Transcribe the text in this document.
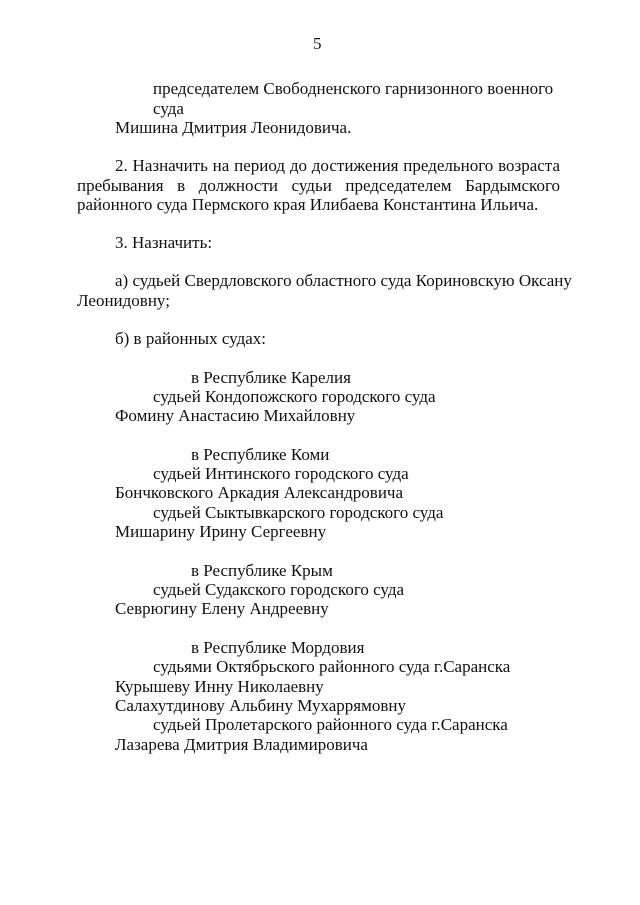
5
председателем Свободненского гарнизонного военного
суда
Мишина Дмитрия Леонидовича.
2. Назначить на период до достижения предельного возраста
пребывания в должности судьи председателем Бардымского
районного суда Пермского края Илибаева Константина Ильича.
3. Назначить:
а) судьей Свердловского областного суда Кориновскую Оксану
Леонидовну;
б) в районных судах:
в Республике Карелия
судьей Кондопожского городского суда
Фомину Анастасию Михайловну
в Республике Коми
судьей Интинского городского суда
Бончковского Аркадия Александровича
судьей Сыктывкарского городского суда
Мишарину Ирину Сергеевну
в Республике Крым
судьей Судакского городского суда
Севрюгину Елену Андреевну
в Республике Мордовия
судьями Октябрьского районного суда г.Саранска
Курышеву Инну Николаевну
Салахутдинову Альбину Мухаррямовну
судьей Пролетарского районного суда г.Саранска
Лазарева Дмитрия Владимировича
